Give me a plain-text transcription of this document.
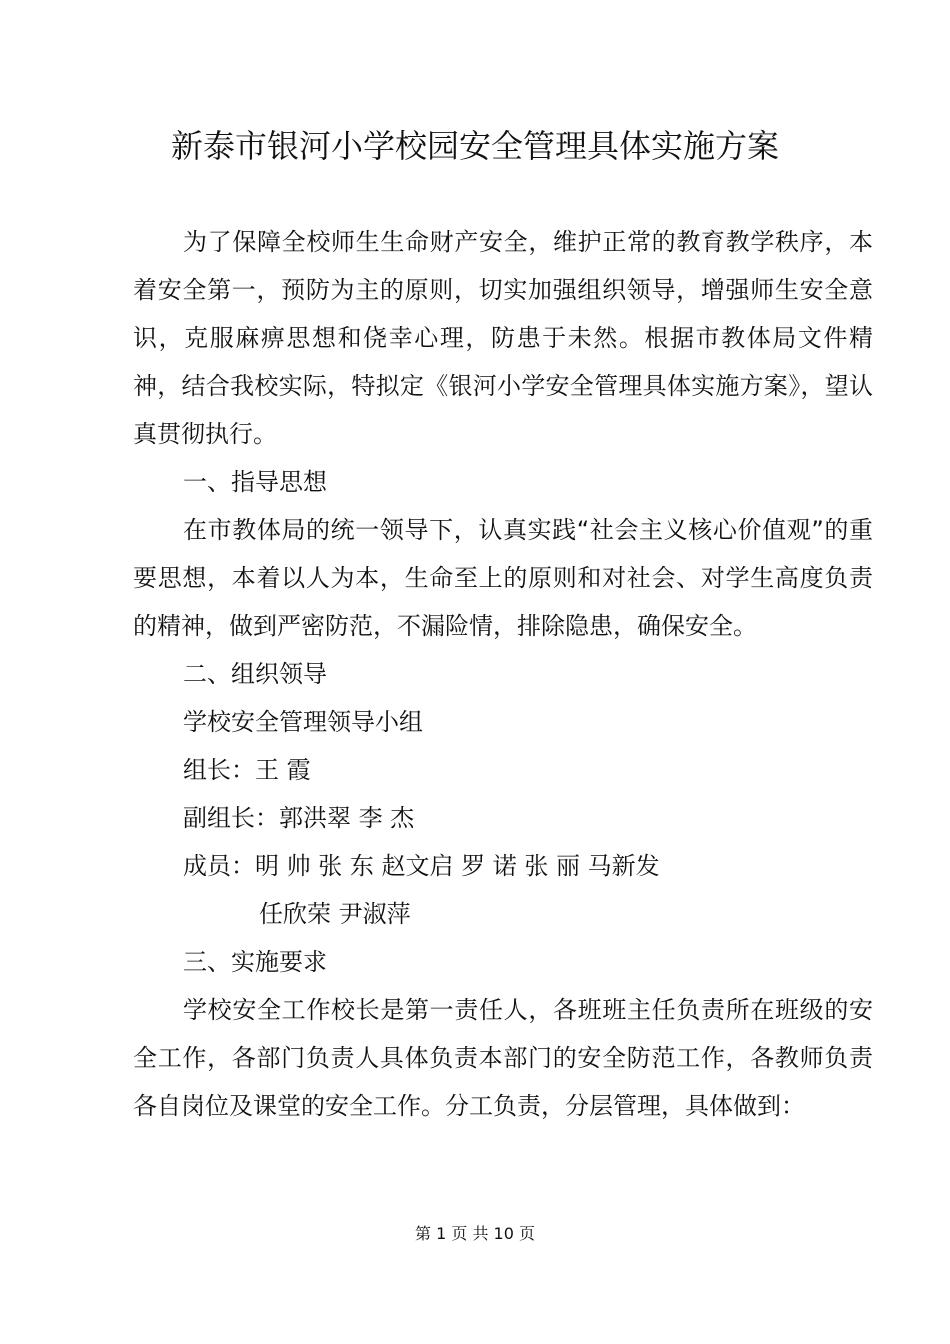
新泰市银河小学校园安全管理具体实施方案

为了保障全校师生生命财产安全，维护正常的教育教学秩序，本着安全第一，预防为主的原则，切实加强组织领导，增强师生安全意识，克服麻痹思想和侥幸心理，防患于未然。根据市教体局文件精神，结合我校实际，特拟定《银河小学安全管理具体实施方案》，望认真贯彻执行。

一、指导思想

在市教体局的统一领导下，认真实践“社会主义核心价值观”的重要思想，本着以人为本，生命至上的原则和对社会、对学生高度负责的精神，做到严密防范，不漏险情，排除隐患，确保安全。

二、组织领导

学校安全管理领导小组

组长：王 霞

副组长：郭洪翠 李 杰

成员：明 帅 张 东 赵文启 罗 诺 张 丽 马新发

任欣荣 尹淑萍

三、实施要求

学校安全工作校长是第一责任人，各班班主任负责所在班级的安全工作，各部门负责人具体负责本部门的安全防范工作，各教师负责各自岗位及课堂的安全工作。分工负责，分层管理，具体做到：

第 1 页 共 10 页
